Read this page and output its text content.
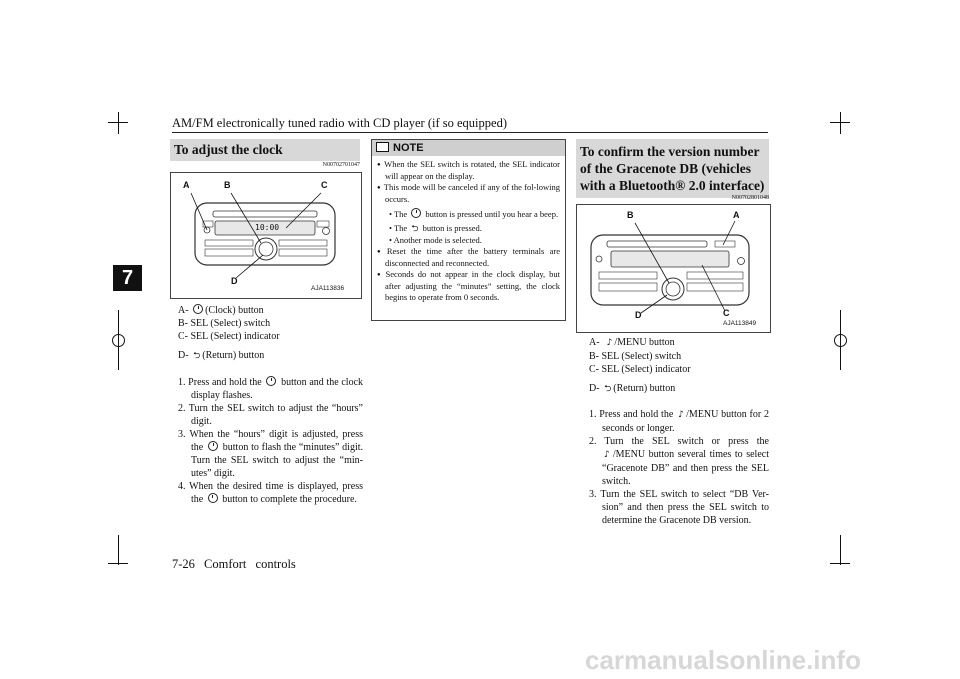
AM/FM electronically tuned radio with CD player (if so equipped)
7
7-26 Comfort controls
To adjust the clock
N00702701047
A	B	C
D
10:00
AJA113836
A- (Clock) button
B- SEL (Select) switch
C- SEL (Select) indicator
D- ⮌ (Return) button
1. Press and hold the button and the clock display flashes.
2. Turn the SEL switch to adjust the “hours” digit.
3. When the “hours” digit is adjusted, press the button to flash the “minutes” digit. Turn the SEL switch to adjust the “min-utes” digit.
4. When the desired time is displayed, press the button to complete the procedure.
NOTE
● When the SEL switch is rotated, the SEL indicator will appear on the display.
● This mode will be canceled if any of the fol-lowing occurs.
• The button is pressed until you hear a beep.
• The ⮌ button is pressed.
• Another mode is selected.
● Reset the time after the battery terminals are disconnected and reconnected.
● Seconds do not appear in the clock display, but after adjusting the “minutes” setting, the clock begins to operate from 0 seconds.
To confirm the version number
of the Gracenote DB (vehicles
with a Bluetooth® 2.0 interface)
N00702801048
B	A
D	C
AJA113849
A- ♪ /MENU button
B- SEL (Select) switch
C- SEL (Select) indicator
D- ⮌ (Return) button
1. Press and hold the ♪ /MENU button for 2 seconds or longer.
2. Turn the SEL switch or press the ♪ /MENU button several times to select “Gracenote DB” and then press the SEL switch.
3. Turn the SEL switch to select “DB Ver-sion” and then press the SEL switch to determine the Gracenote DB version.
carmanualsonline.info
